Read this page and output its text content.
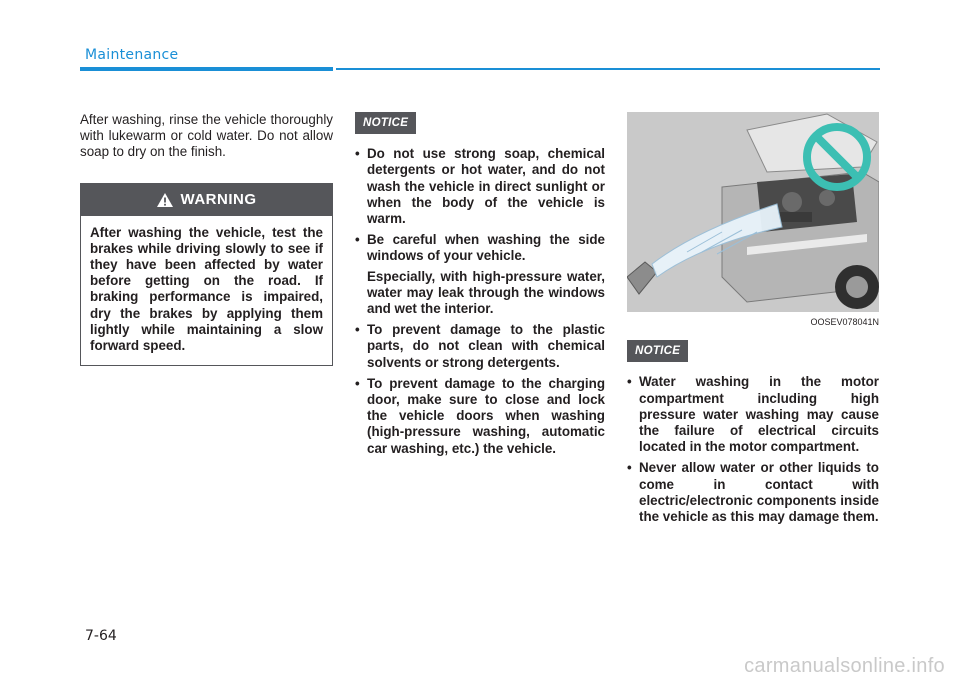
Maintenance

After washing, rinse the vehicle thoroughly with lukewarm or cold water. Do not allow soap to dry on the finish.

WARNING
After washing the vehicle, test the brakes while driving slowly to see if they have been affected by water before getting on the road. If braking performance is impaired, dry the brakes by applying them lightly while maintaining a slow forward speed.
NOTICE
• Do not use strong soap, chemical detergents or hot water, and do not wash the vehicle in direct sunlight or when the body of the vehicle is warm.
• Be careful when washing the side windows of your vehicle.

Especially, with high-pressure water, water may leak through the windows and wet the interior.

• To prevent damage to the plastic parts, do not clean with chemical solvents or strong detergents.
• To prevent damage to the charging door, make sure to close and lock the vehicle doors when washing (high-pressure washing, automatic car washing, etc.) the vehicle.
OOSEV078041N
NOTICE
• Water washing in the motor compartment including high pressure water washing may cause the failure of electrical circuits located in the motor compartment.
• Never allow water or other liquids to come in contact with electric/electronic components inside the vehicle as this may damage them.
7-64
carmanualsonline.info
